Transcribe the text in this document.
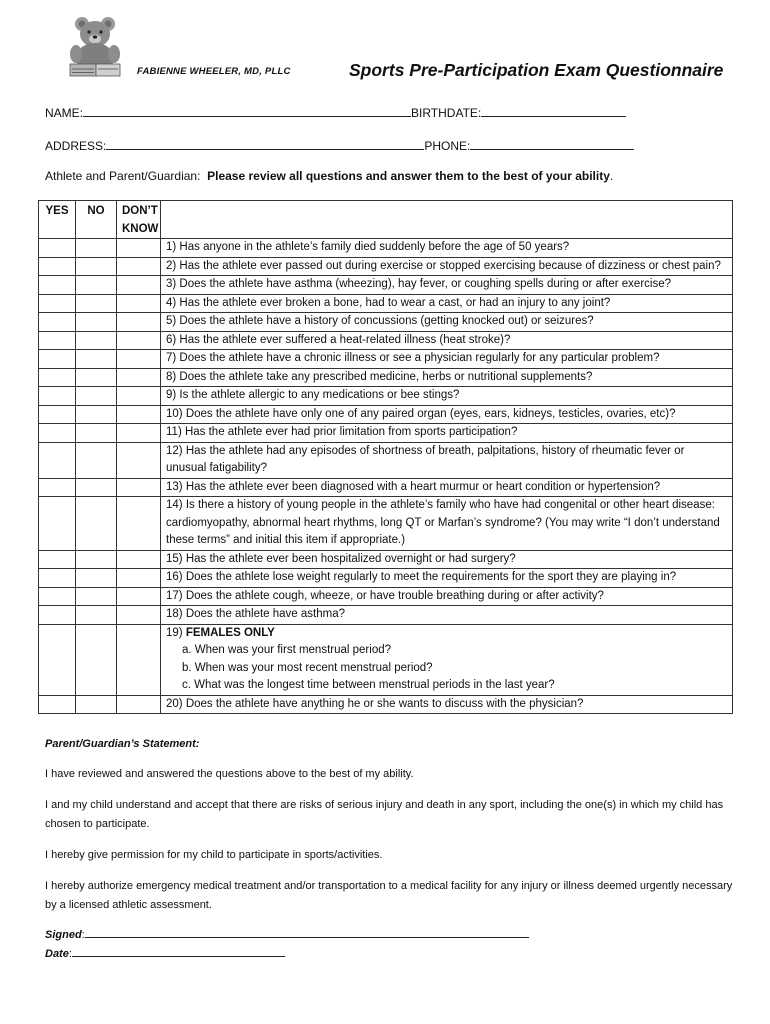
FABIENNE WHEELER, MD, PLLC	Sports Pre-Participation Exam Questionnaire
NAME:	BIRTHDATE:
ADDRESS:	PHONE:
Athlete and Parent/Guardian: Please review all questions and answer them to the best of your ability.
YES	NO	DON’T
KNOW	
			1) Has anyone in the athlete’s family died suddenly before the age of 50 years?
			2) Has the athlete ever passed out during exercise or stopped exercising because of dizziness or chest pain?
			3) Does the athlete have asthma (wheezing), hay fever, or coughing spells during or after exercise?
			4) Has the athlete ever broken a bone, had to wear a cast, or had an injury to any joint?
			5) Does the athlete have a history of concussions (getting knocked out) or seizures?
			6) Has the athlete ever suffered a heat-related illness (heat stroke)?
			7) Does the athlete have a chronic illness or see a physician regularly for any particular problem?
			8) Does the athlete take any prescribed medicine, herbs or nutritional supplements?
			9) Is the athlete allergic to any medications or bee stings?
			10) Does the athlete have only one of any paired organ (eyes, ears, kidneys, testicles, ovaries, etc)?
			11) Has the athlete ever had prior limitation from sports participation?
			12) Has the athlete had any episodes of shortness of breath, palpitations, history of rheumatic fever or unusual fatigability?
			13) Has the athlete ever been diagnosed with a heart murmur or heart condition or hypertension?
			14) Is there a history of young people in the athlete’s family who have had congenital or other heart disease: cardiomyopathy, abnormal heart rhythms, long QT or Marfan’s syndrome? (You may write “I don’t understand these terms” and initial this item if appropriate.)
			15) Has the athlete ever been hospitalized overnight or had surgery?
			16) Does the athlete lose weight regularly to meet the requirements for the sport they are playing in?
			17) Does the athlete cough, wheeze, or have trouble breathing during or after activity?
			18) Does the athlete have asthma?
			19) FEMALES ONLY

a. When was your first menstrual period?
b. When was your most recent menstrual period?
c. What was the longest time between menstrual periods in the last year?

			20) Does the athlete have anything he or she wants to discuss with the physician?
Parent/Guardian’s Statement:
I have reviewed and answered the questions above to the best of my ability.
I and my child understand and accept that there are risks of serious injury and death in any sport, including the one(s) in which my child has chosen to participate.
I hereby give permission for my child to participate in sports/activities.
I hereby authorize emergency medical treatment and/or transportation to a medical facility for any injury or illness deemed urgently necessary by a licensed athletic assessment.
Signed:
Date:
